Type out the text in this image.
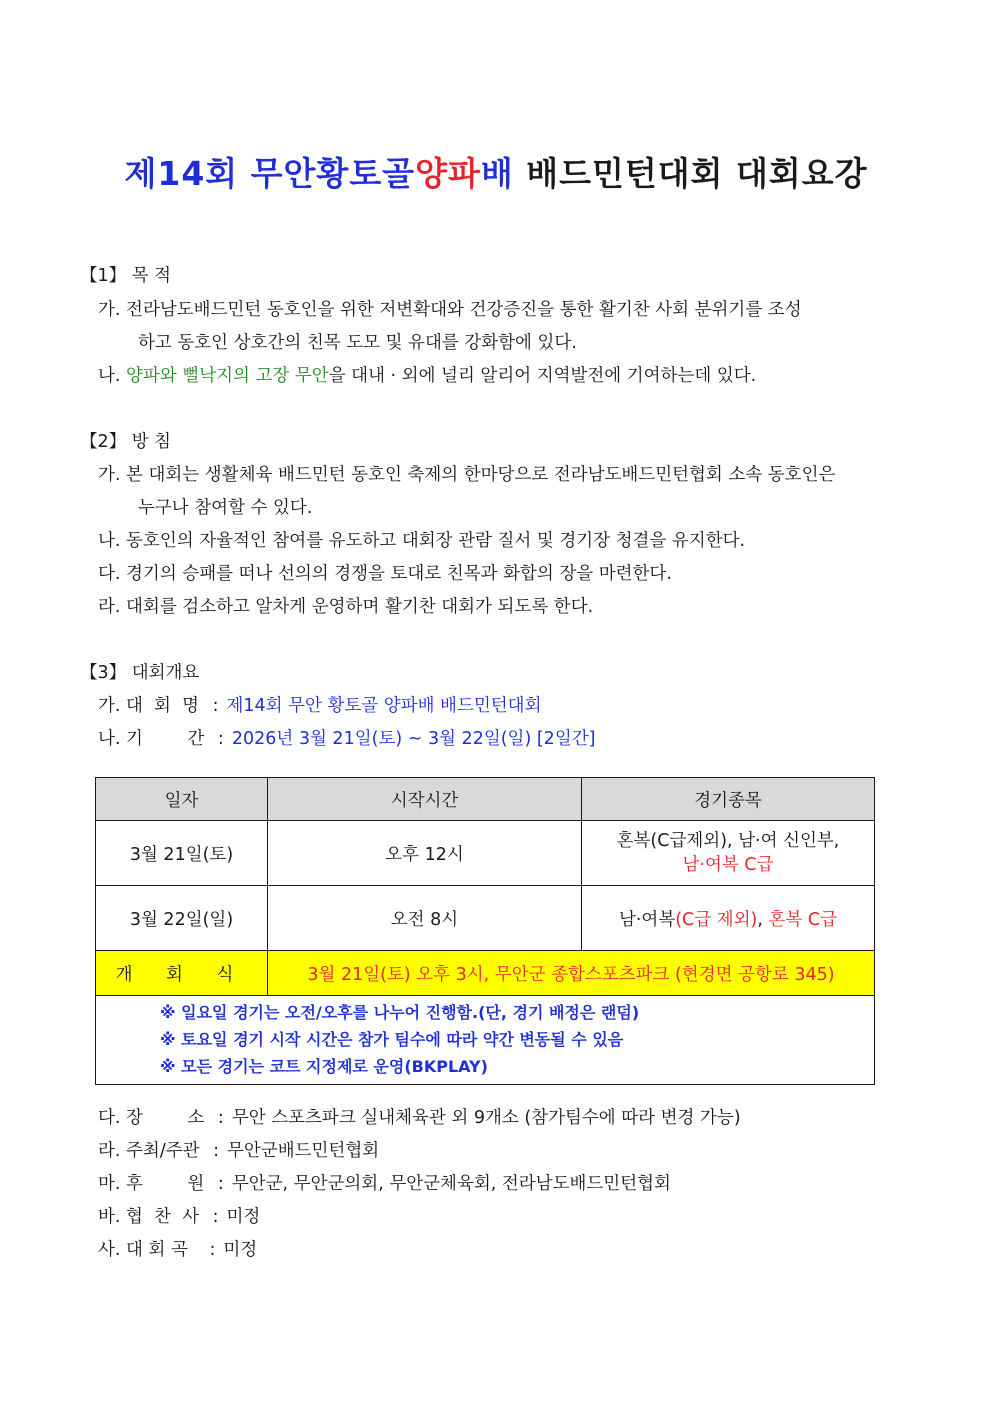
제14회 무안황토골양파배 배드민턴대회 대회요강
【1】 목 적
가. 전라남도배드민턴 동호인을 위한 저변확대와 건강증진을 통한 활기찬 사회 분위기를 조성
하고 동호인 상호간의 친목 도모 및 유대를 강화함에 있다.
나. 양파와 뻘낙지의 고장 무안을 대내 · 외에 널리 알리어 지역발전에 기여하는데 있다.
【2】 방 침
가. 본 대회는 생활체육 배드민턴 동호인 축제의 한마당으로 전라남도배드민턴협회 소속 동호인은
누구나 참여할 수 있다.
나. 동호인의 자율적인 참여를 유도하고 대회장 관람 질서 및 경기장 청결을 유지한다.
다. 경기의 승패를 떠나 선의의 경쟁을 토대로 친목과 화합의 장을 마련한다.
라. 대회를 검소하고 알차게 운영하며 활기찬 대회가 되도록 한다.
【3】 대회개요
가. 대  회  명 : 제14회 무안 황토골 양파배 배드민턴대회
나. 기        간 : 2026년 3월 21일(토) ~ 3월 22일(일) [2일간]
일자	시작시간	경기종목
3월 21일(토)	오후 12시	혼복(C급제외), 남·여 신인부,
남·여복 C급
3월 22일(일)	오전 8시	남·여복(C급 제외), 혼복 C급
개 회 식	3월 21일(토) 오후 3시, 무안군 종합스포츠파크 (현경면 공항로 345)	

※ 일요일 경기는 오전/오후를 나누어 진행함.(단, 경기 배정은 랜덤)
※ 토요일 경기 시작 시간은 참가 팀수에 따라 약간 변동될 수 있음
※ 모든 경기는 코트 지정제로 운영(BKPLAY)		
다. 장        소 : 무안 스포츠파크 실내체육관 외 9개소 (참가팀수에 따라 변경 가능)
라. 주최/주관 : 무안군배드민턴협회
마. 후        원 : 무안군, 무안군의회, 무안군체육회, 전라남도배드민턴협회
바. 협  찬  사 : 미정
사. 대 회 곡 : 미정
